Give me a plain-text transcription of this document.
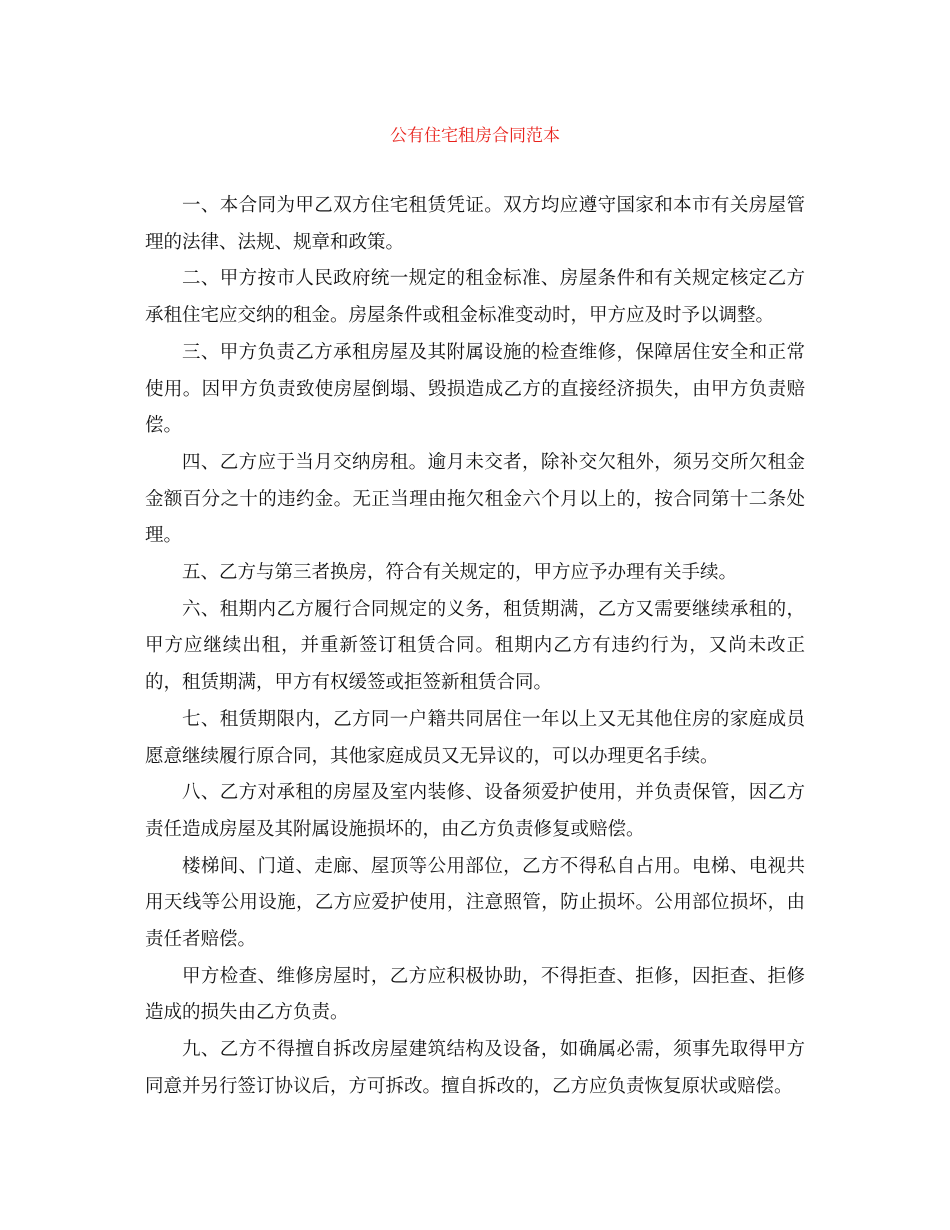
公有住宅租房合同范本

一、本合同为甲乙双方住宅租赁凭证。双方均应遵守国家和本市有关房屋管理的法律、法规、规章和政策。

二、甲方按市人民政府统一规定的租金标准、房屋条件和有关规定核定乙方承租住宅应交纳的租金。房屋条件或租金标准变动时，甲方应及时予以调整。

三、甲方负责乙方承租房屋及其附属设施的检查维修，保障居住安全和正常使用。因甲方负责致使房屋倒塌、毁损造成乙方的直接经济损失，由甲方负责赔偿。

四、乙方应于当月交纳房租。逾月未交者，除补交欠租外，须另交所欠租金金额百分之十的违约金。无正当理由拖欠租金六个月以上的，按合同第十二条处理。

五、乙方与第三者换房，符合有关规定的，甲方应予办理有关手续。

六、租期内乙方履行合同规定的义务，租赁期满，乙方又需要继续承租的，甲方应继续出租，并重新签订租赁合同。租期内乙方有违约行为，又尚未改正的，租赁期满，甲方有权缓签或拒签新租赁合同。

七、租赁期限内，乙方同一户籍共同居住一年以上又无其他住房的家庭成员愿意继续履行原合同，其他家庭成员又无异议的，可以办理更名手续。

八、乙方对承租的房屋及室内装修、设备须爱护使用，并负责保管，因乙方责任造成房屋及其附属设施损坏的，由乙方负责修复或赔偿。

楼梯间、门道、走廊、屋顶等公用部位，乙方不得私自占用。电梯、电视共用天线等公用设施，乙方应爱护使用，注意照管，防止损坏。公用部位损坏，由责任者赔偿。

甲方检查、维修房屋时，乙方应积极协助，不得拒查、拒修，因拒查、拒修造成的损失由乙方负责。

九、乙方不得擅自拆改房屋建筑结构及设备，如确属必需，须事先取得甲方同意并另行签订协议后，方可拆改。擅自拆改的，乙方应负责恢复原状或赔偿。
